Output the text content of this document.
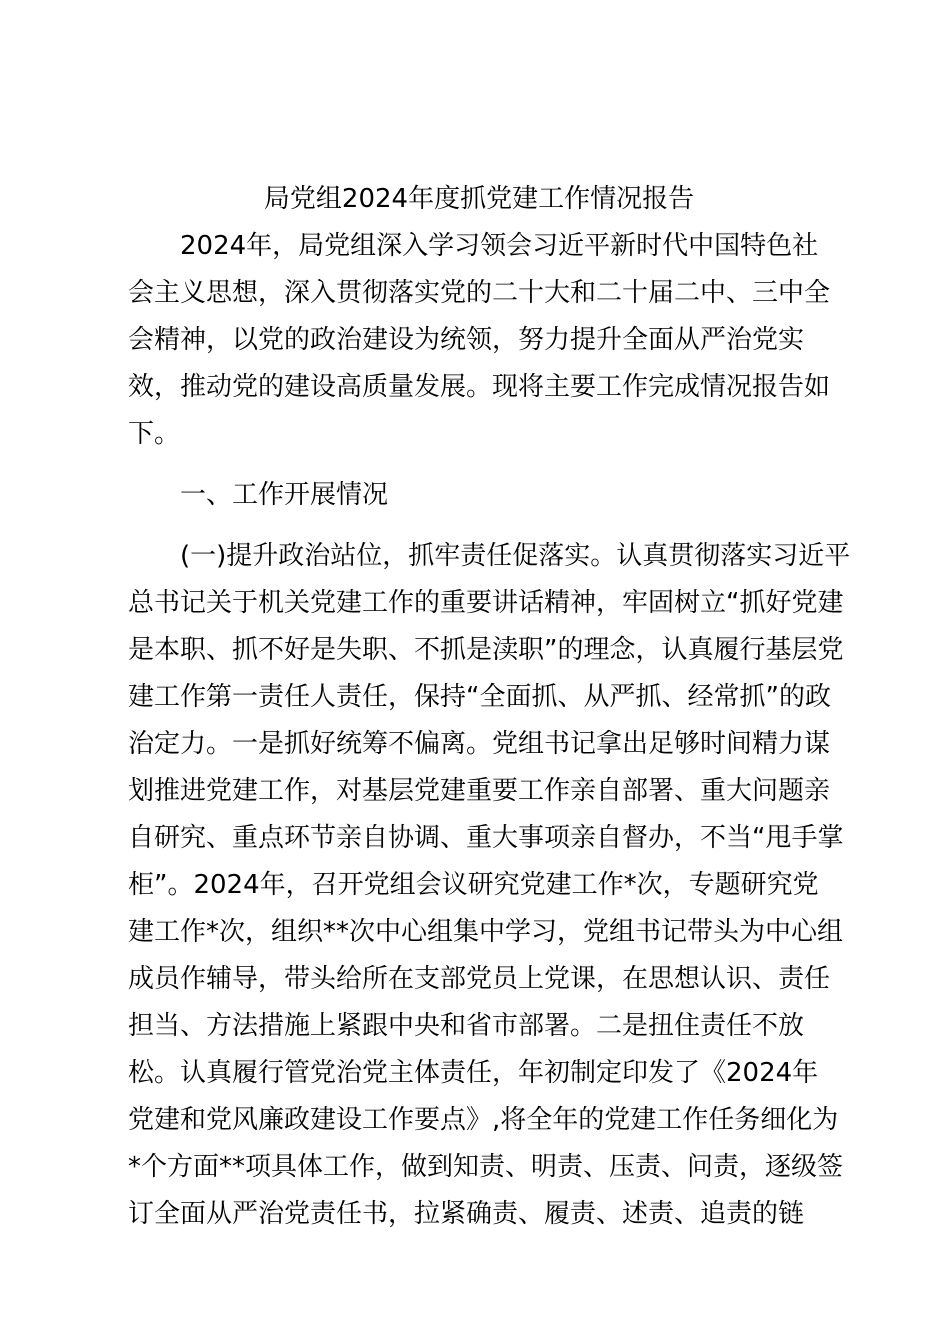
局党组2024年度抓党建工作情况报告
2024年，局党组深入学习领会习近平新时代中国特色社
会主义思想，深入贯彻落实党的二十大和二十届二中、三中全
会精神，以党的政治建设为统领，努力提升全面从严治党实
效，推动党的建设高质量发展。现将主要工作完成情况报告如
下。
一、工作开展情况
(一)提升政治站位，抓牢责任促落实。认真贯彻落实习近平
总书记关于机关党建工作的重要讲话精神，牢固树立“抓好党建
是本职、抓不好是失职、不抓是渎职”的理念，认真履行基层党
建工作第一责任人责任，保持“全面抓、从严抓、经常抓”的政
治定力。一是抓好统筹不偏离。党组书记拿出足够时间精力谋
划推进党建工作，对基层党建重要工作亲自部署、重大问题亲
自研究、重点环节亲自协调、重大事项亲自督办，不当“甩手掌
柜”。2024年，召开党组会议研究党建工作*次，专题研究党
建工作*次，组织**次中心组集中学习，党组书记带头为中心组
成员作辅导，带头给所在支部党员上党课，在思想认识、责任
担当、方法措施上紧跟中央和省市部署。二是扭住责任不放
松。认真履行管党治党主体责任，年初制定印发了《2024年
党建和党风廉政建设工作要点》,将全年的党建工作任务细化为
*个方面**项具体工作，做到知责、明责、压责、问责，逐级签
订全面从严治党责任书，拉紧确责、履责、述责、追责的链
